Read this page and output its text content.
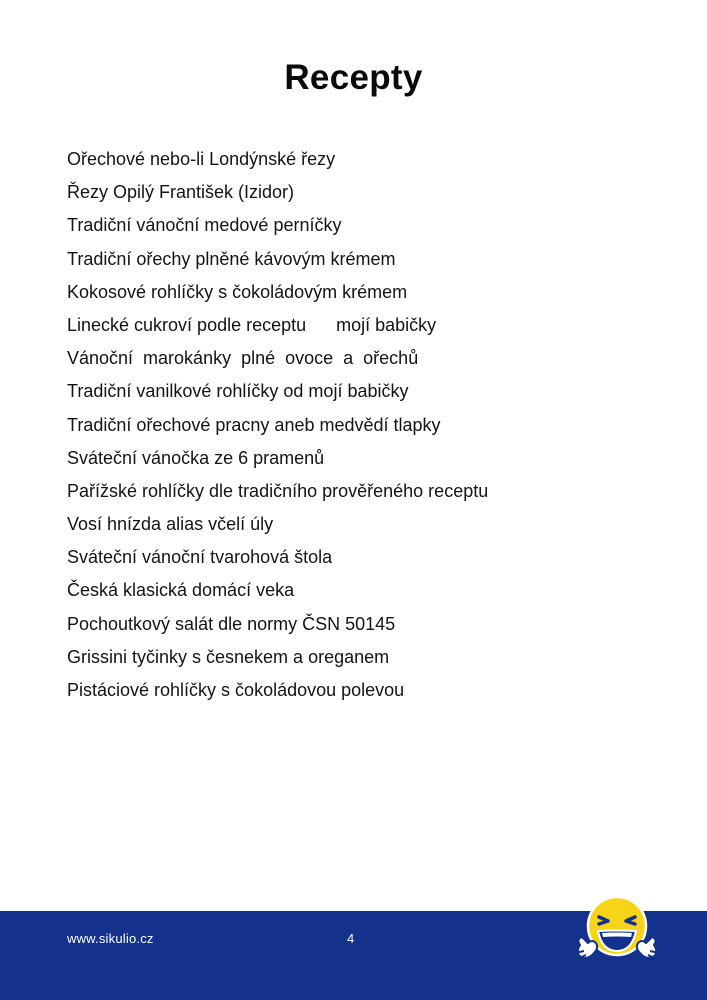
Recepty
Ořechové nebo-li Londýnské řezy
Řezy Opilý František (Izidor)
Tradiční vánoční medové perníčky
Tradiční ořechy plněné kávovým krémem
Kokosové rohlíčky s čokoládovým krémem
Linecké cukroví podle receptu      mojí babičky
Vánoční  marokánky  plné  ovoce  a  ořechů
Tradiční vanilkové rohlíčky od mojí babičky
Tradiční ořechové pracny aneb medvědí tlapky
Sváteční vánočka ze 6 pramenů
Pařížské rohlíčky dle tradičního prověřeného receptu
Vosí hnízda alias včelí úly
Sváteční vánoční tvarohová štola
Česká klasická domácí veka
Pochoutkový salát dle normy ČSN 50145
Grissini tyčinky s česnekem a oreganem
Pistáciové rohlíčky s čokoládovou polevou
www.sikulio.cz	4
